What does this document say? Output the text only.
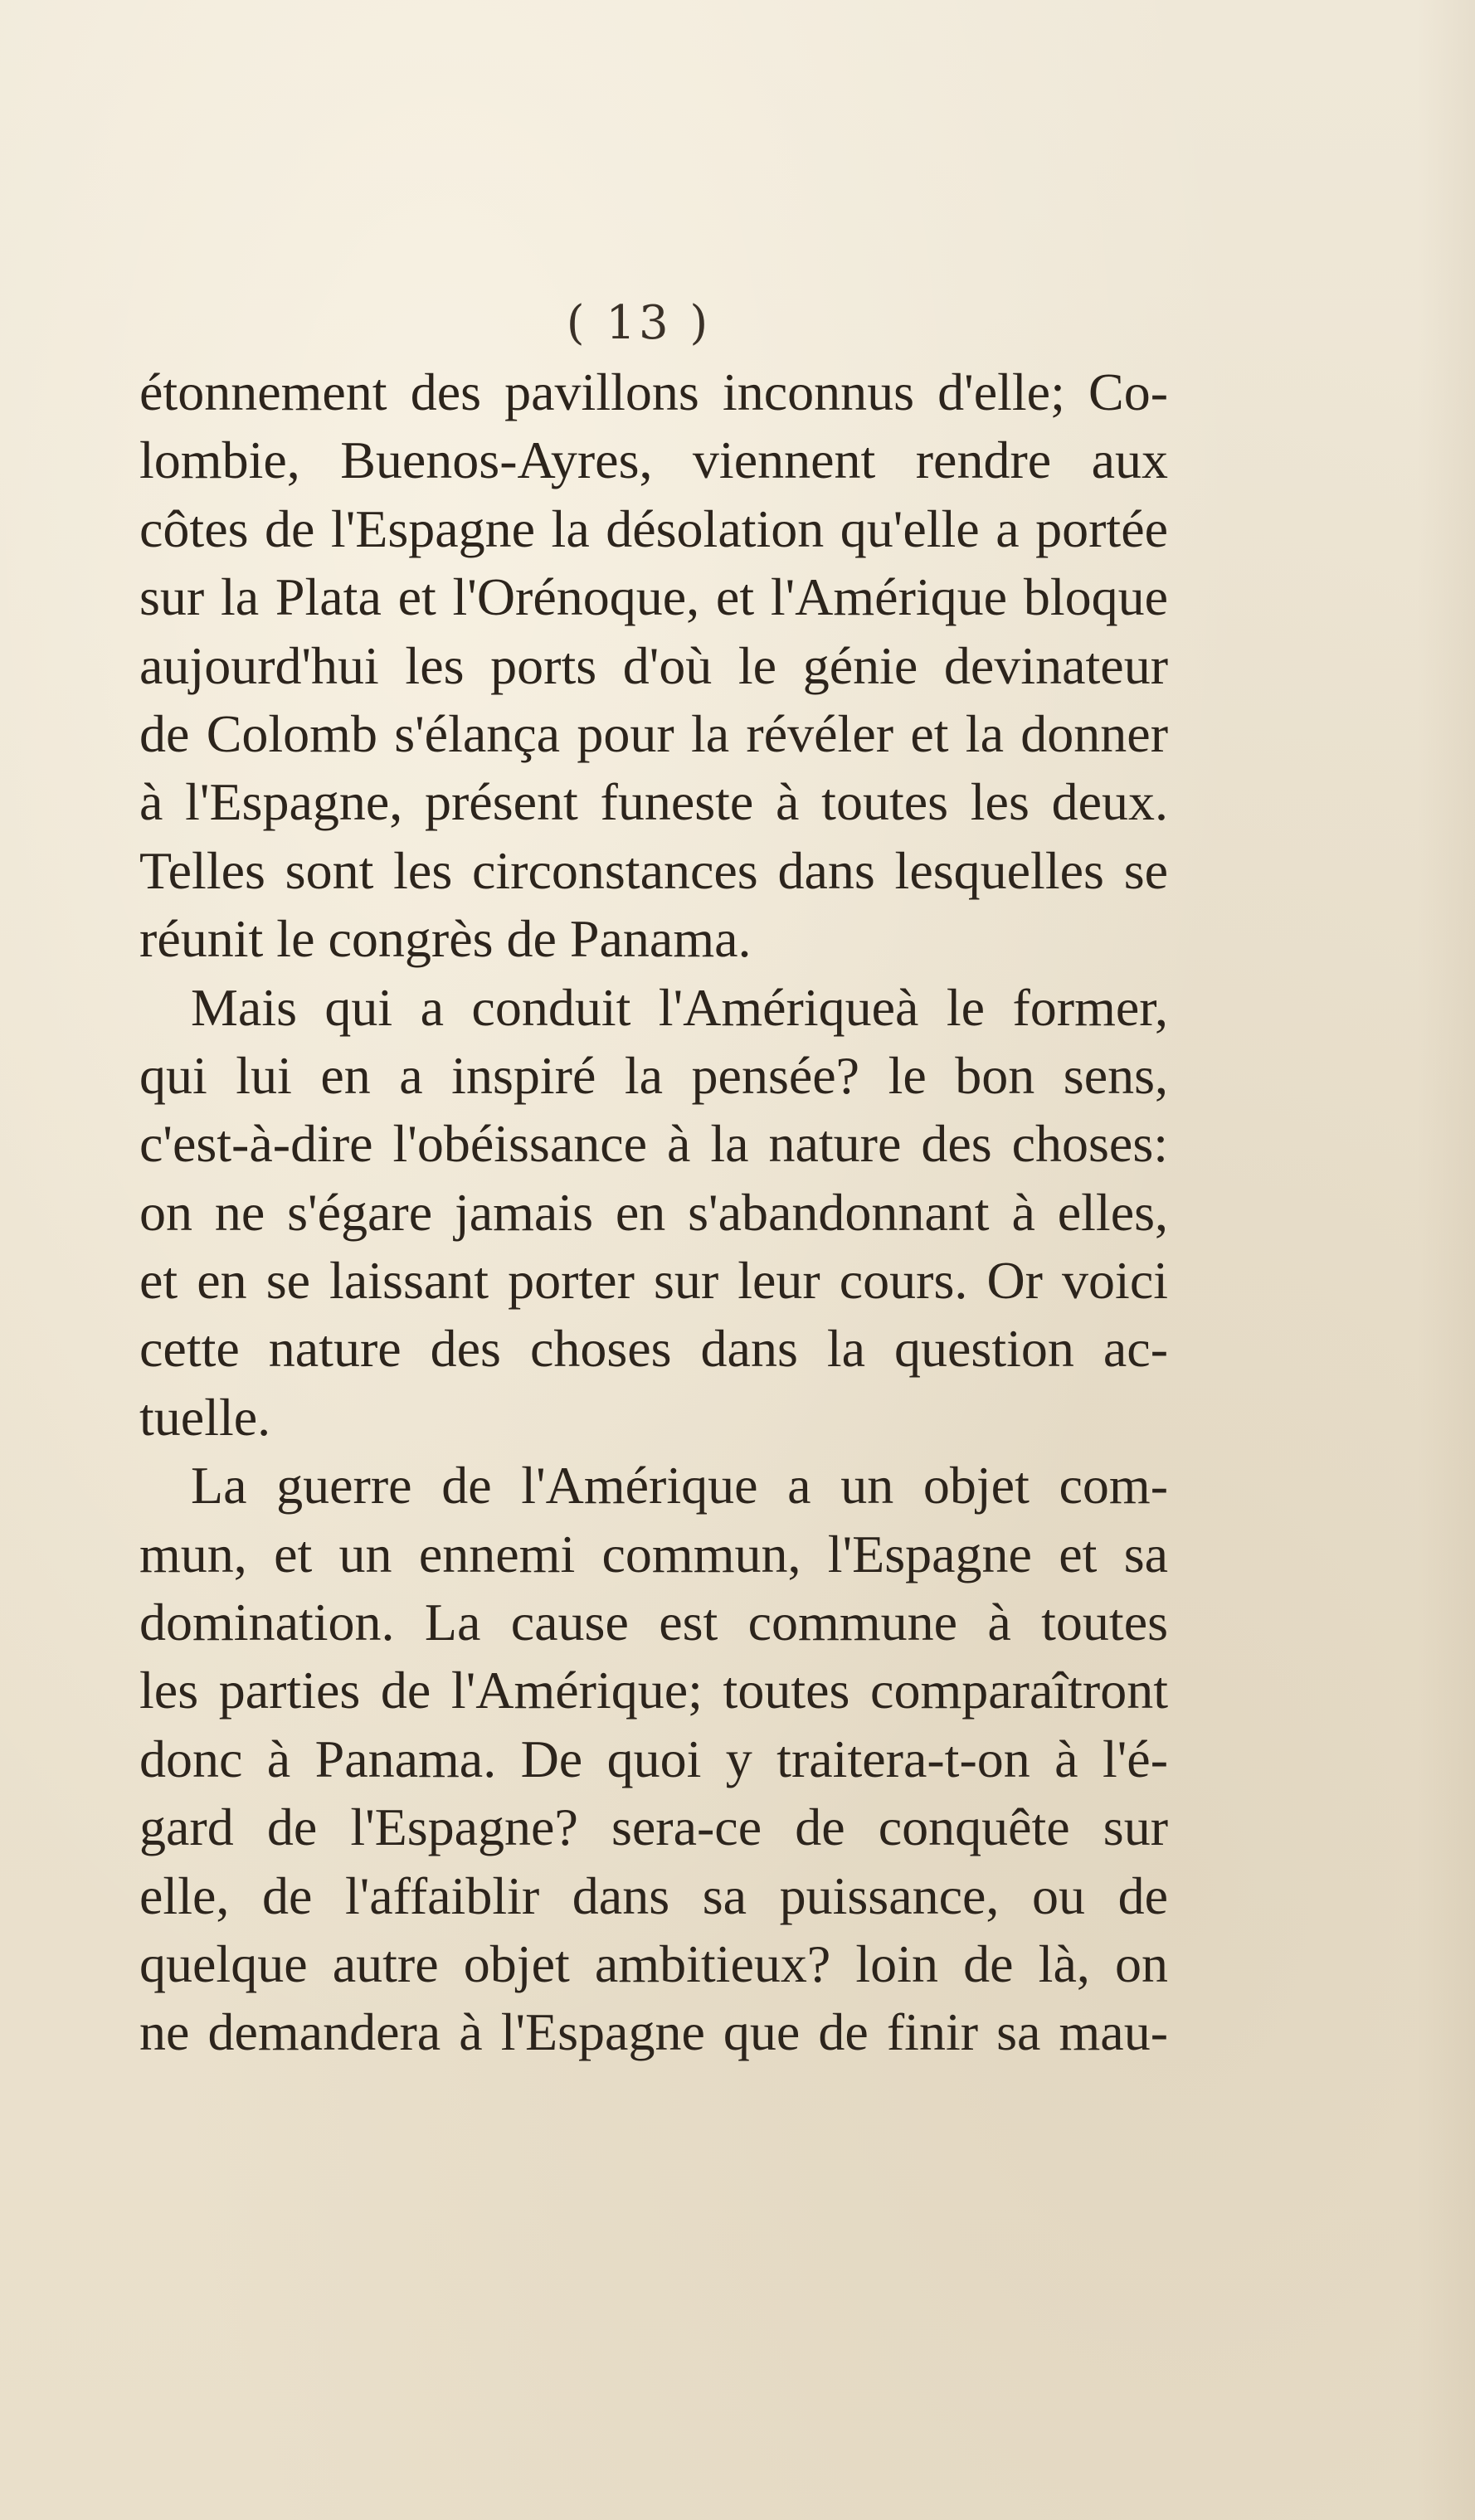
( 13 )
étonnement des pavillons inconnus d'elle; Co-
lombie, Buenos-Ayres, viennent rendre aux
côtes de l'Espagne la désolation qu'elle a portée
sur la Plata et l'Orénoque, et l'Amérique bloque
aujourd'hui les ports d'où le génie devinateur
de Colomb s'élança pour la révéler et la donner
à l'Espagne, présent funeste à toutes les deux.
Telles sont les circonstances dans lesquelles se
réunit le congrès de Panama.
Mais qui a conduit l'Amériqueà le former,
qui lui en a inspiré la pensée? le bon sens,
c'est-à-dire l'obéissance à la nature des choses:
on ne s'égare jamais en s'abandonnant à elles,
et en se laissant porter sur leur cours. Or voici
cette nature des choses dans la question ac-
tuelle.
La guerre de l'Amérique a un objet com-
mun, et un ennemi commun, l'Espagne et sa
domination. La cause est commune à toutes
les parties de l'Amérique; toutes comparaîtront
donc à Panama. De quoi y traitera-t-on à l'é-
gard de l'Espagne? sera-ce de conquête sur
elle, de l'affaiblir dans sa puissance, ou de
quelque autre objet ambitieux? loin de là, on
ne demandera à l'Espagne que de finir sa mau-
